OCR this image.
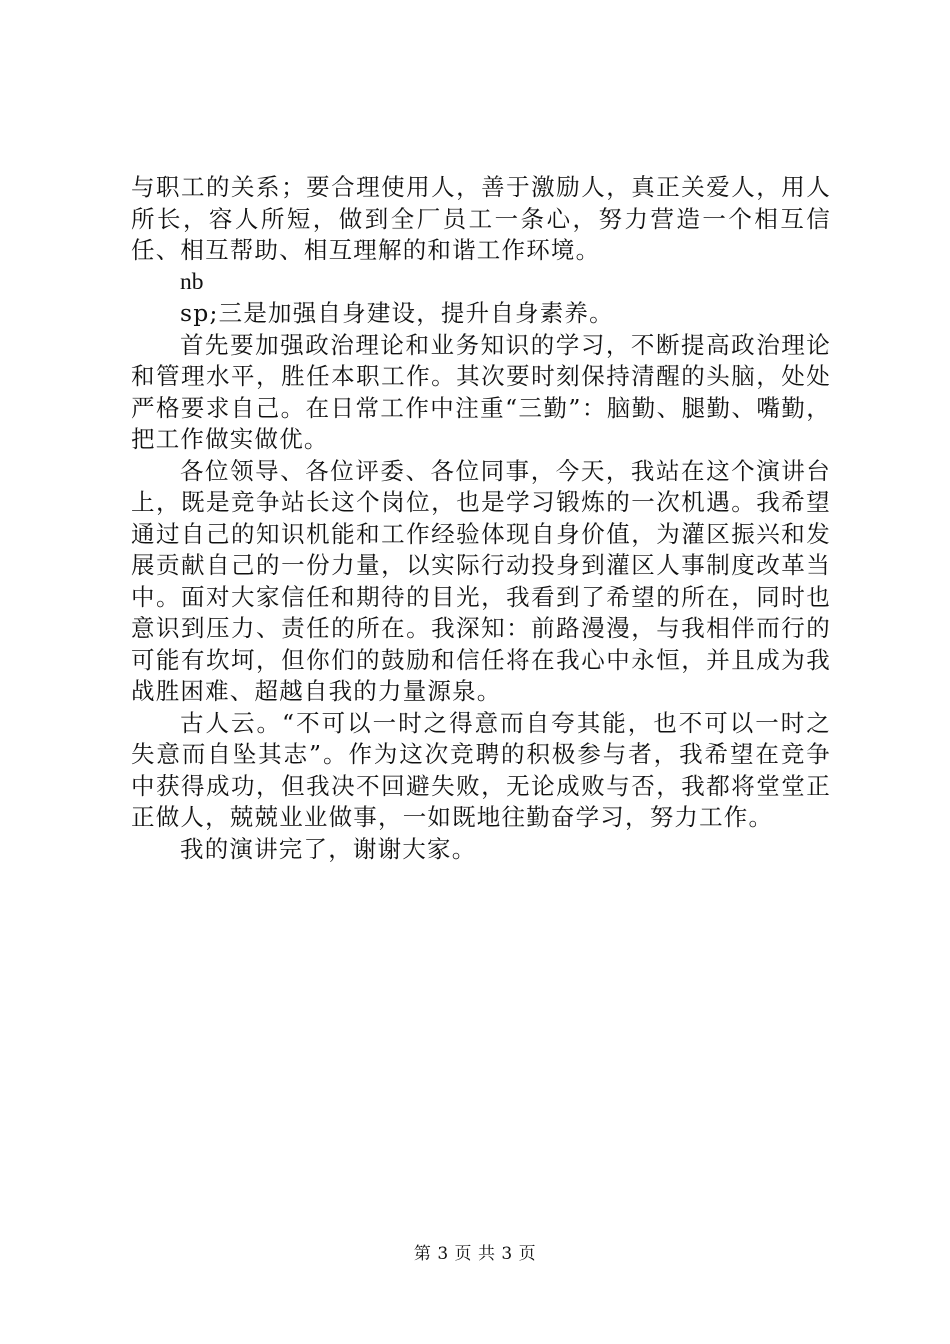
与职工的关系；要合理使用人，善于激励人，真正关爱人，用人所长，容人所短，做到全厂员工一条心，努力营造一个相互信任、相互帮助、相互理解的和谐工作环境。

nb

sp;三是加强自身建设，提升自身素养。

首先要加强政治理论和业务知识的学习，不断提高政治理论和管理水平，胜任本职工作。其次要时刻保持清醒的头脑，处处严格要求自己。在日常工作中注重“三勤”：脑勤、腿勤、嘴勤，把工作做实做优。

各位领导、各位评委、各位同事，今天，我站在这个演讲台上，既是竞争站长这个岗位，也是学习锻炼的一次机遇。我希望通过自己的知识机能和工作经验体现自身价值，为灌区振兴和发展贡献自己的一份力量，以实际行动投身到灌区人事制度改革当中。面对大家信任和期待的目光，我看到了希望的所在，同时也意识到压力、责任的所在。我深知：前路漫漫，与我相伴而行的可能有坎坷，但你们的鼓励和信任将在我心中永恒，并且成为我战胜困难、超越自我的力量源泉。

古人云。“不可以一时之得意而自夸其能，也不可以一时之失意而自坠其志”。作为这次竞聘的积极参与者，我希望在竞争中获得成功，但我决不回避失败，无论成败与否，我都将堂堂正正做人，兢兢业业做事，一如既地往勤奋学习，努力工作。

我的演讲完了，谢谢大家。

第 3 页 共 3 页
